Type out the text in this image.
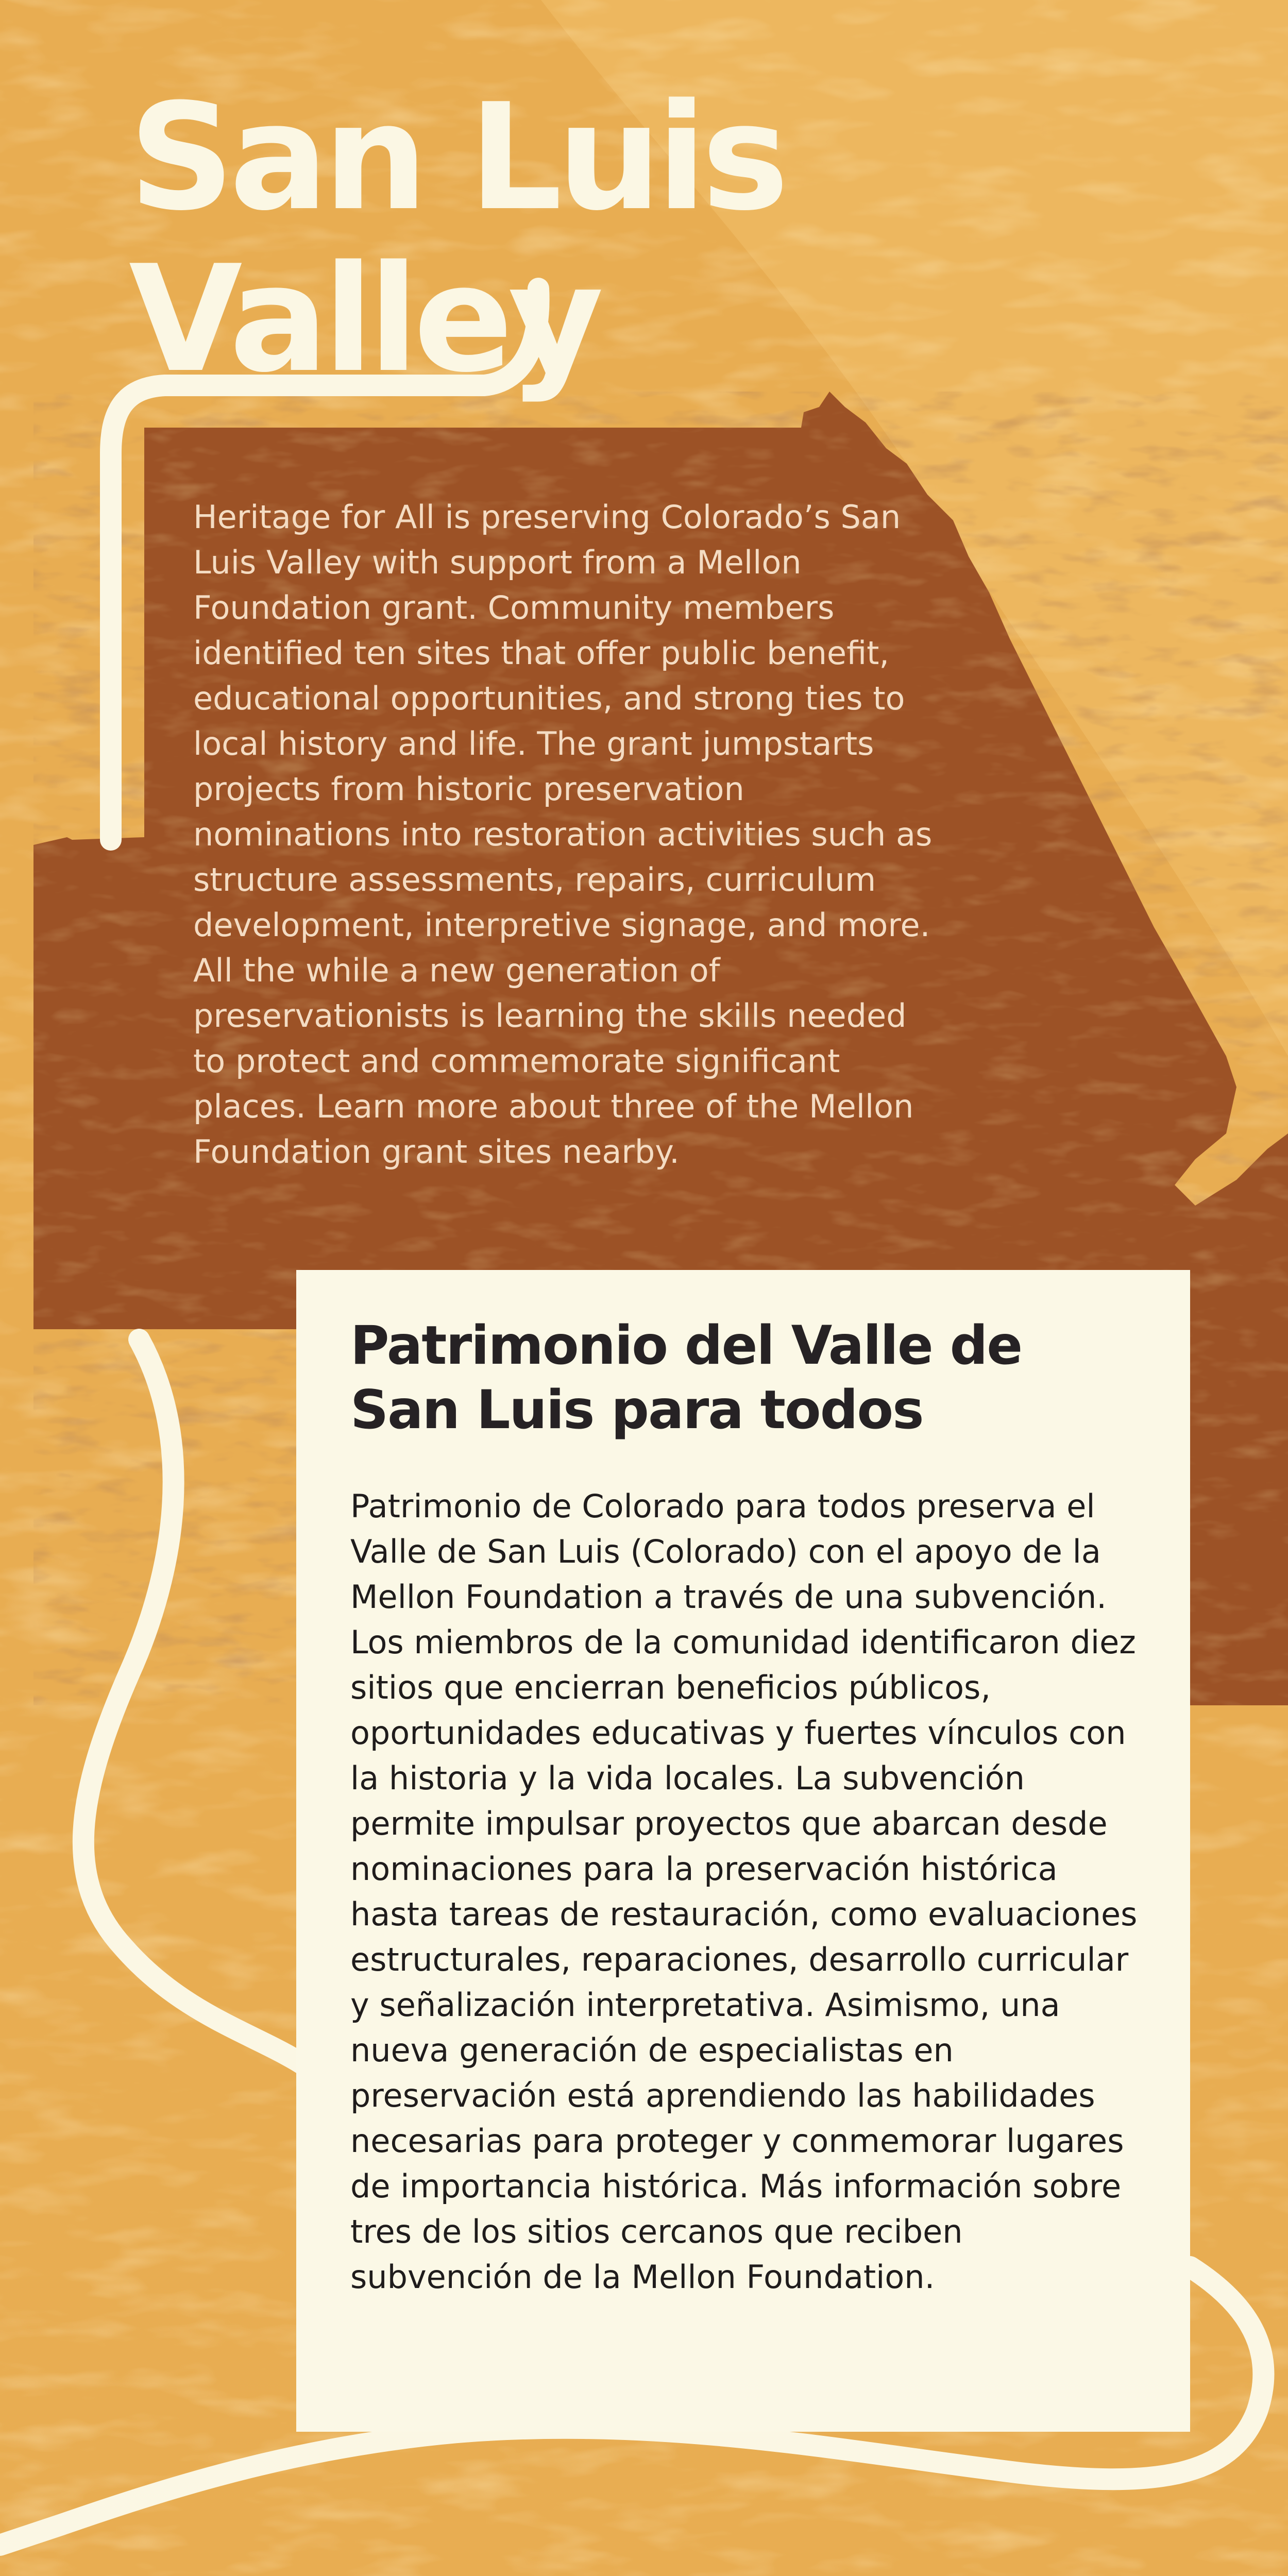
San Luis
Valley

Heritage for All is preserving Colorado’s San Luis Valley with support from a Mellon Foundation grant. Community members identified ten sites that offer public benefit, educational opportunities, and strong ties to local history and life. The grant jumpstarts projects from historic preservation nominations into restoration activities such as structure assessments, repairs, curriculum development, interpretive signage, and more. All the while a new generation of preservationists is learning the skills needed to protect and commemorate significant places. Learn more about three of the Mellon Foundation grant sites nearby.

Patrimonio del Valle de San Luis para todos

Patrimonio de Colorado para todos preserva el Valle de San Luis (Colorado) con el apoyo de la Mellon Foundation a través de una subvención. Los miembros de la comunidad identificaron diez sitios que encierran beneficios públicos, oportunidades educativas y fuertes vínculos con la historia y la vida locales. La subvención permite impulsar proyectos que abarcan desde nominaciones para la preservación histórica hasta tareas de restauración, como evaluaciones estructurales, reparaciones, desarrollo curricular y señalización interpretativa. Asimismo, una nueva generación de especialistas en preservación está aprendiendo las habilidades necesarias para proteger y conmemorar lugares de importancia histórica. Más información sobre tres de los sitios cercanos que reciben subvención de la Mellon Foundation.
